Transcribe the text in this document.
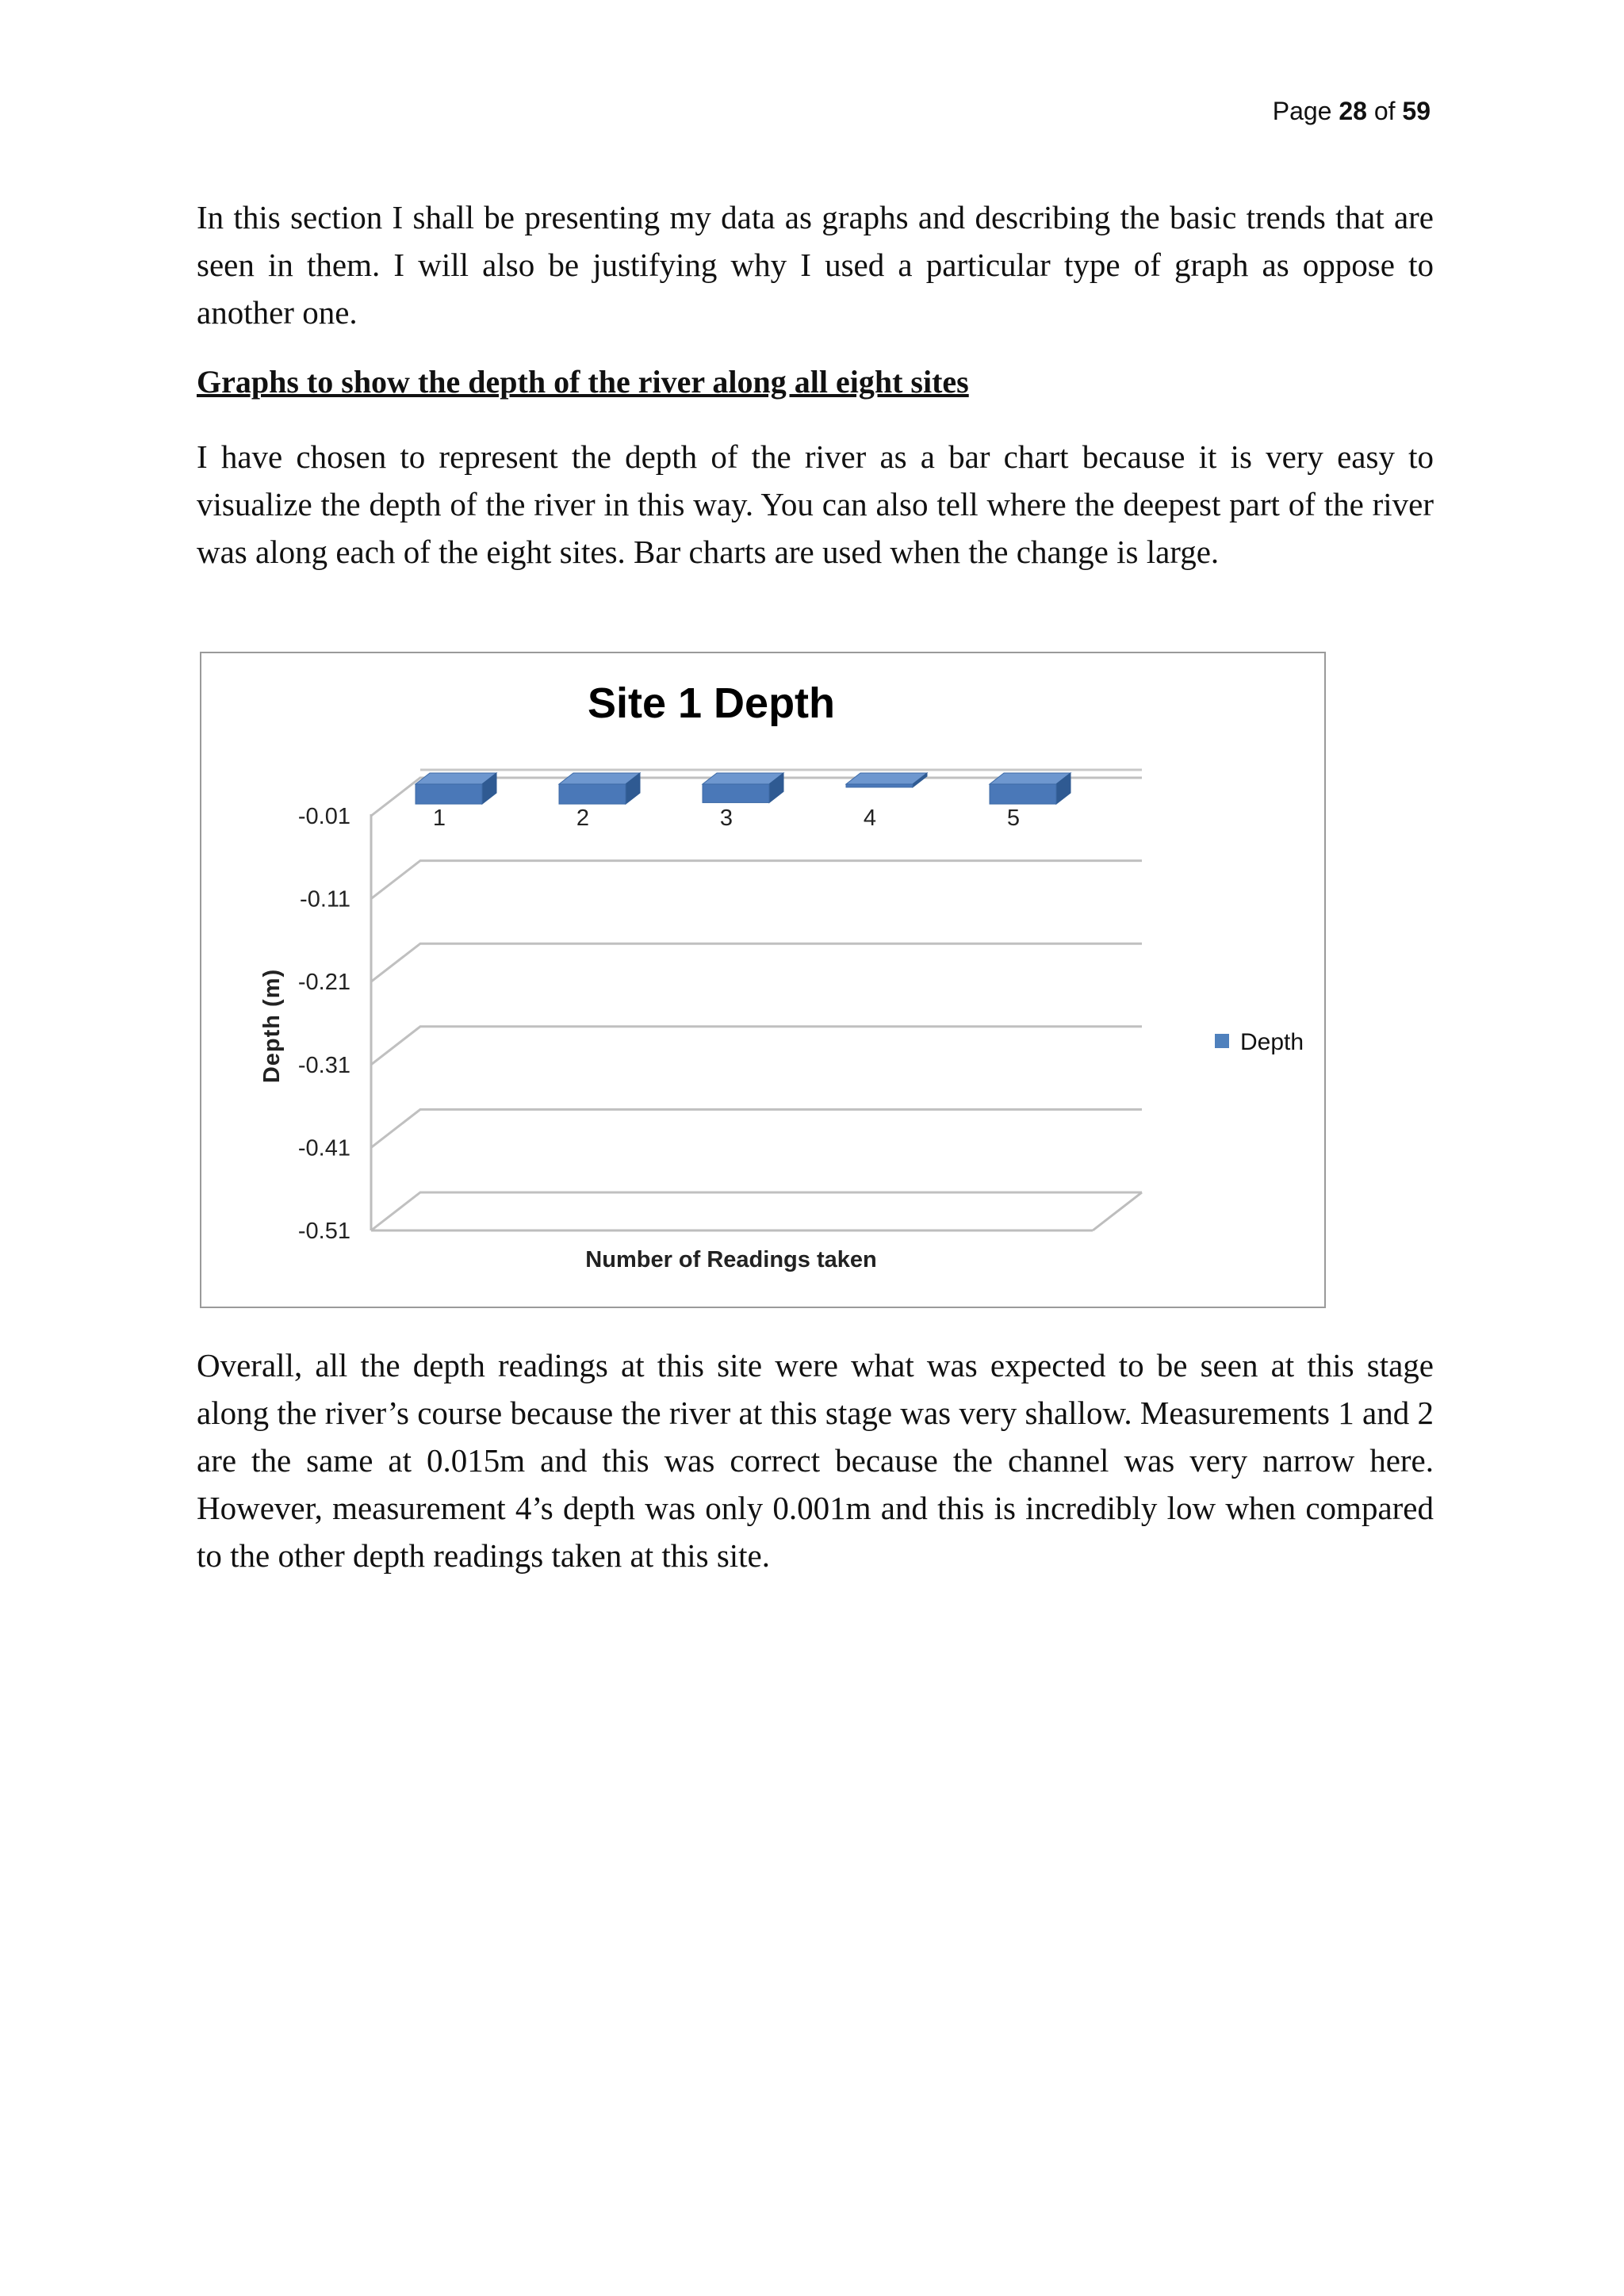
Page 28 of 59

In this section I shall be presenting my data as graphs and describing the basic trends that are seen in them. I will also be justifying why I used a particular type of graph as oppose to another one.

Graphs to show the depth of the river along all eight sites

I have chosen to represent the depth of the river as a bar chart because it is very easy to visualize the depth of the river in this way. You can also tell where the deepest part of the river was along each of the eight sites. Bar charts are used when the change is large.

Site 1 Depth
-0.01
-0.11
-0.21
-0.31
-0.41
-0.51
Number of Readings taken
Depth (m)
1	2	3	4	5
Depth

Overall, all the depth readings at this site were what was expected to be seen at this stage along the river’s course because the river at this stage was very shallow. Measurements 1 and 2 are the same at 0.015m and this was correct because the channel was very narrow here. However, measurement 4’s depth was only 0.001m and this is incredibly low when compared to the other depth readings taken at this site.
